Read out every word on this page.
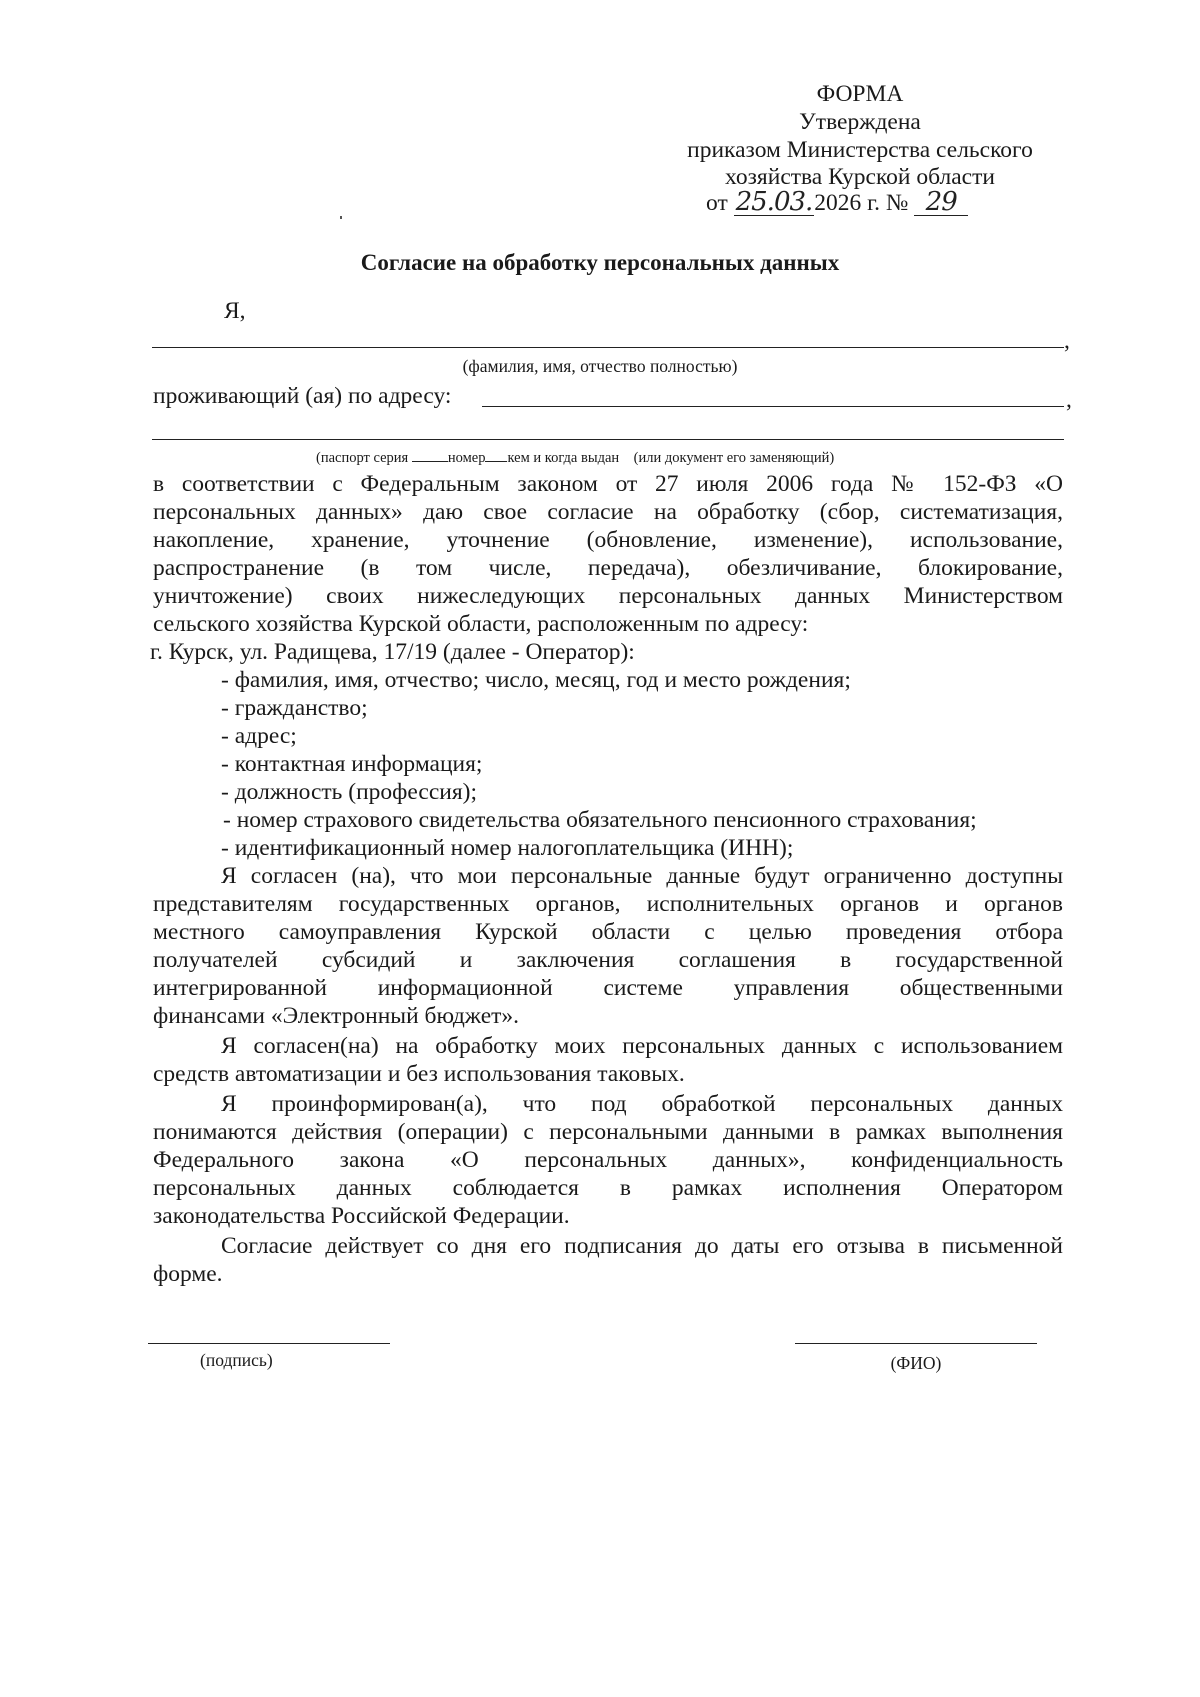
ФОРМА
Утверждена
приказом Министерства сельского
хозяйства Курской области
от 25.03.2026 г. № 29
Согласие на обработку персональных данных
Я,
,
(фамилия, имя, отчество полностью)
проживающий (ая) по адресу:	,
(паспорт серия	номер кем и когда выдан (или документ его заменяющий)
в соответствии с Федеральным законом от 27 июля 2006 года № 152-ФЗ «О
персональных данных» даю свое согласие на обработку (сбор, систематизация,
накопление, хранение, уточнение (обновление, изменение), использование,
распространение (в том числе, передача), обезличивание, блокирование,
уничтожение) своих нижеследующих персональных данных Министерством
сельского хозяйства Курской области, расположенным по адресу:
г. Курск, ул. Радищева, 17/19 (далее - Оператор):
- фамилия, имя, отчество; число, месяц, год и место рождения;
- гражданство;
- адрес;
- контактная информация;
- должность (профессия);
- номер страхового свидетельства обязательного пенсионного страхования;
- идентификационный номер налогоплательщика (ИНН);
Я согласен (на), что мои персональные данные будут ограниченно доступны
представителям государственных органов, исполнительных органов и органов
местного самоуправления Курской области с целью проведения отбора
получателей субсидий и заключения соглашения в государственной
интегрированной информационной системе управления общественными
финансами «Электронный бюджет».
Я согласен(на) на обработку моих персональных данных с использованием
средств автоматизации и без использования таковых.
Я проинформирован(а), что под обработкой персональных данных
понимаются действия (операции) с персональными данными в рамках выполнения
Федерального закона «О персональных данных», конфиденциальность
персональных данных соблюдается в рамках исполнения Оператором
законодательства Российской Федерации.
Согласие действует со дня его подписания до даты его отзыва в письменной
форме.
(подпись)	(ФИО)
